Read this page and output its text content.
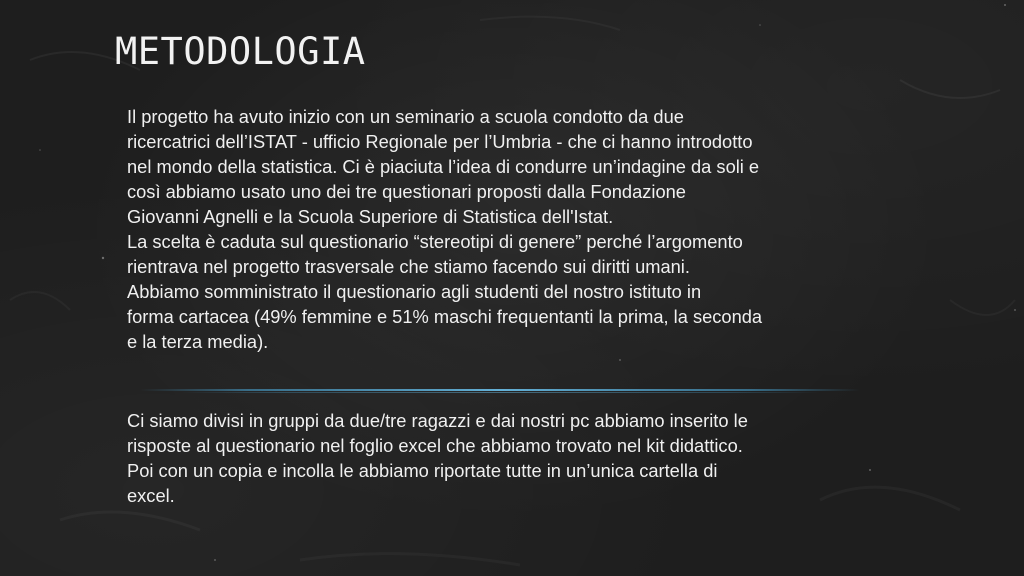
METODOLOGIA

Il progetto ha avuto inizio con un seminario a scuola condotto da due
ricercatrici dell’ISTAT - ufficio Regionale per l’Umbria - che ci hanno introdotto
nel mondo della statistica. Ci è piaciuta l’idea di condurre un’indagine da soli e
così abbiamo usato uno dei tre questionari proposti dalla Fondazione
Giovanni Agnelli e la Scuola Superiore di Statistica dell'Istat.
La scelta è caduta sul questionario “stereotipi di genere” perché l’argomento
rientrava nel progetto trasversale che stiamo facendo sui diritti umani.
Abbiamo somministrato il questionario agli studenti del nostro istituto in
forma cartacea (49% femmine e 51% maschi frequentanti la prima, la seconda
e la terza media).

Ci siamo divisi in gruppi da due/tre ragazzi e dai nostri pc abbiamo inserito le
risposte al questionario nel foglio excel che abbiamo trovato nel kit didattico.
Poi con un copia e incolla le abbiamo riportate tutte in un’unica cartella di
excel.
